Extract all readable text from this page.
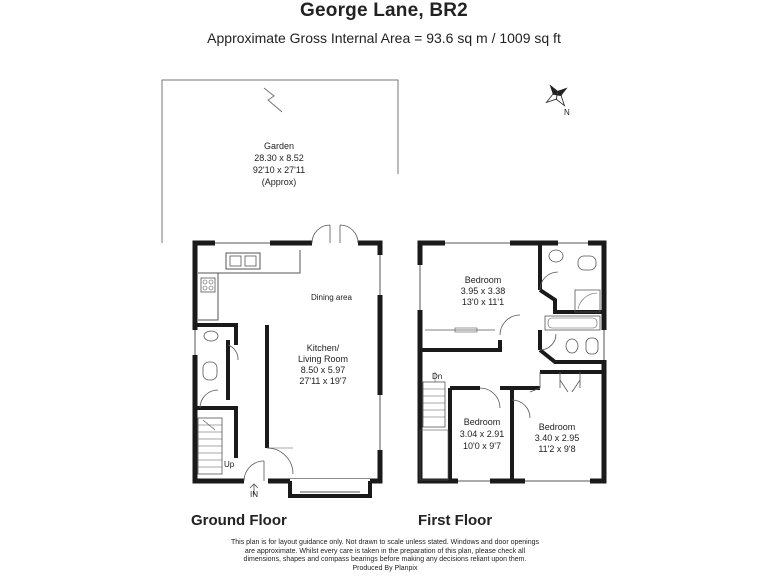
George Lane, BR2
Approximate Gross Internal Area = 93.6 sq m / 1009 sq ft
Garden
28.30 x 8.52
92'10 x 27'11
(Approx)
N
Up
IN
Dining area
Kitchen/
Living Room
8.50 x 5.97
27'11 x 19'7	Dn
Bedroom
3.95 x 3.38
13'0 x 11'1
Bedroom
3.04 x 2.91
10'0 x 9'7
Bedroom
3.40 x 2.95
11'2 x 9'8
Ground Floor	First Floor
This plan is for layout guidance only. Not drawn to scale unless stated. Windows and door openings
are approximate. Whilst every care is taken in the preparation of this plan, please check all
dimensions, shapes and compass bearings before making any decisions reliant upon them.
Produced By Planpix
